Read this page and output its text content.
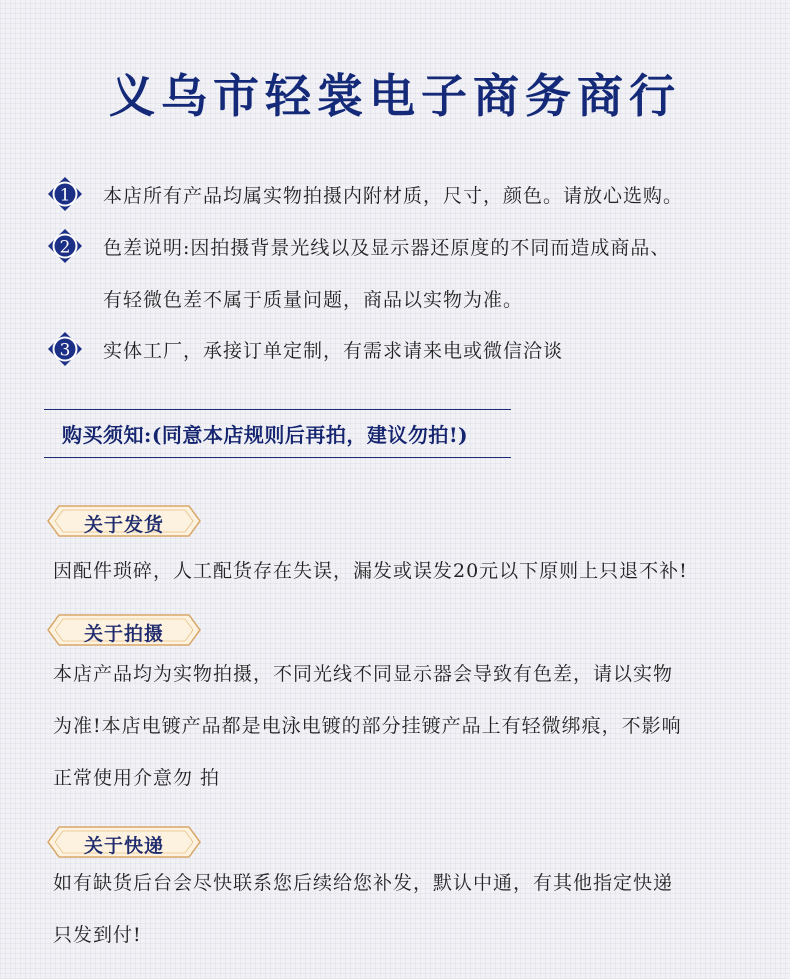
义乌市轻裳电子商务商行
1 本店所有产品均属实物拍摄内附材质，尺寸，颜色。请放心选购。
2 色差说明:因拍摄背景光线以及显示器还原度的不同而造成商品、
有轻微色差不属于质量问题，商品以实物为准。
3 实体工厂，承接订单定制，有需求请来电或微信洽谈
购买须知:(同意本店规则后再拍，建议勿拍!)
关于发货
因配件琐碎，人工配货存在失误，漏发或误发20元以下原则上只退不补!
关于拍摄
本店产品均为实物拍摄，不同光线不同显示器会导致有色差，请以实物
为准!本店电镀产品都是电泳电镀的部分挂镀产品上有轻微绑痕，不影响
正常使用介意勿 拍
关于快递
如有缺货后台会尽快联系您后续给您补发，默认中通，有其他指定快递
只发到付!
